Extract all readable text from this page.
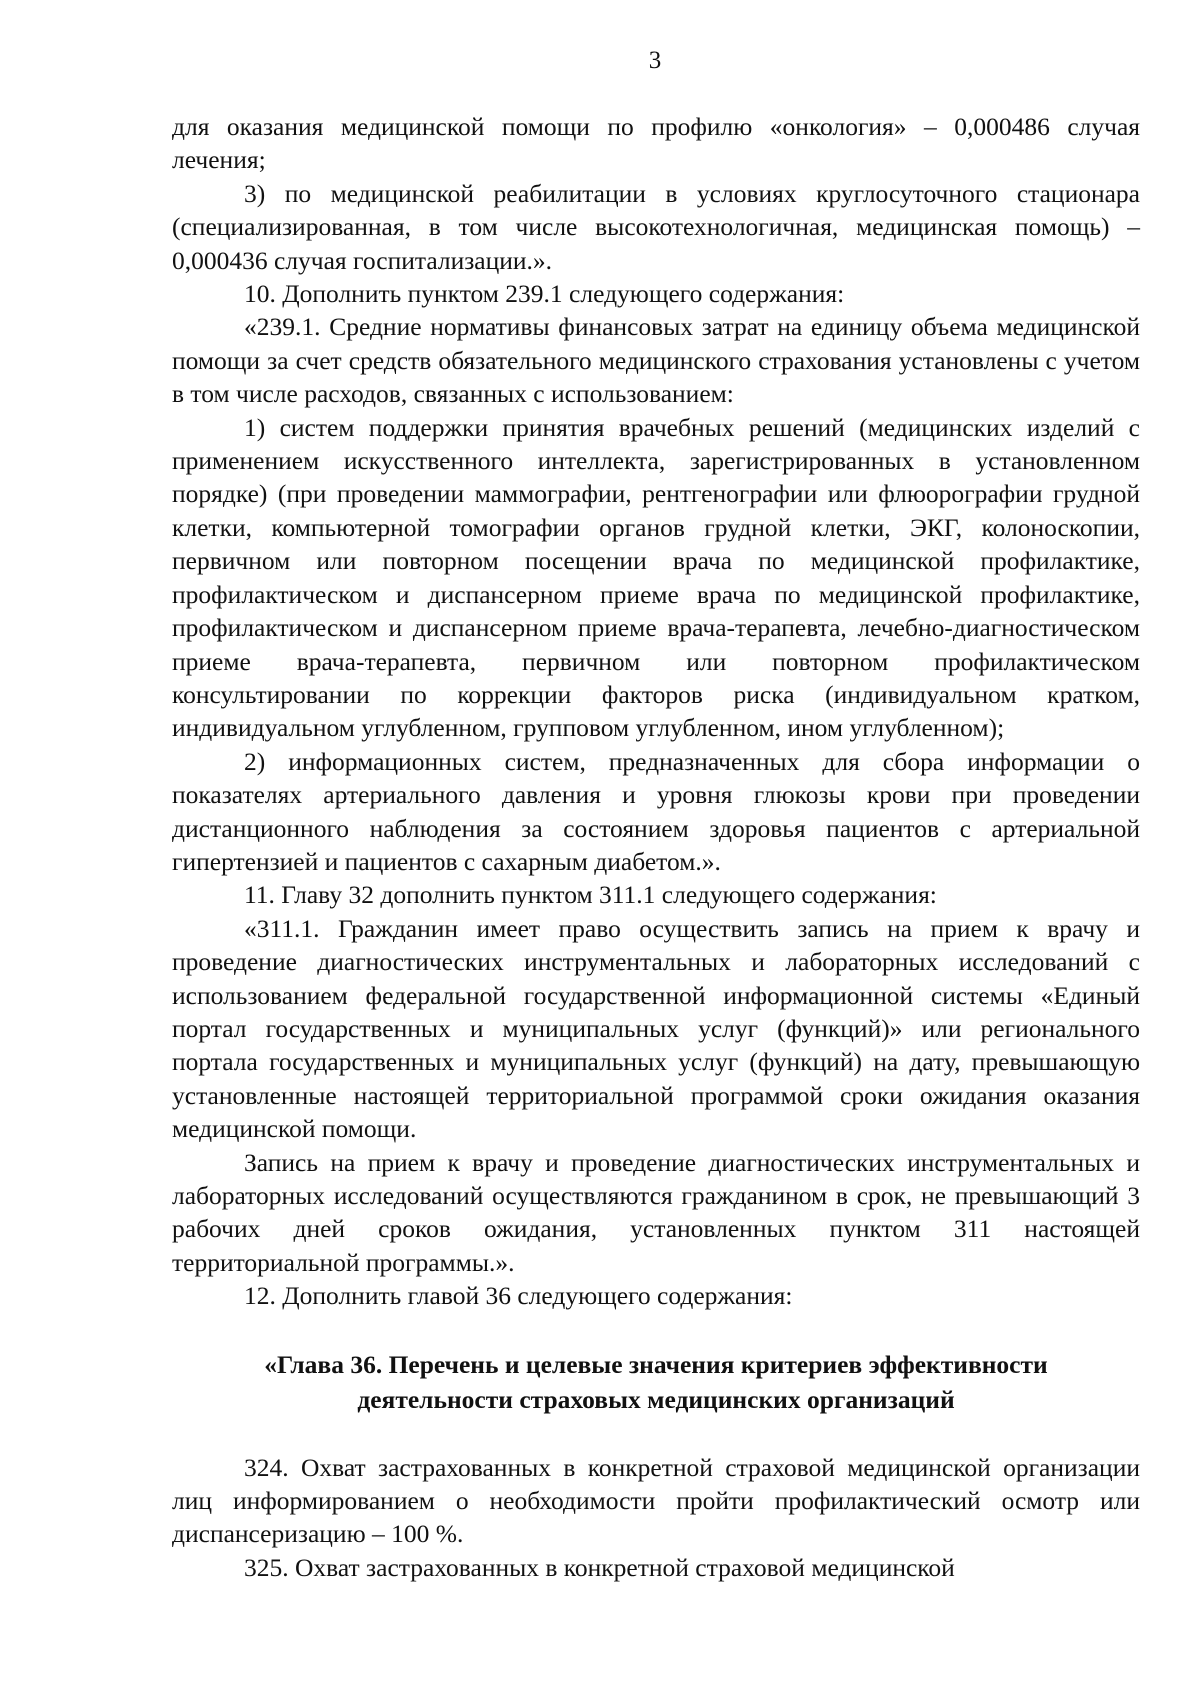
3

для оказания медицинской помощи по профилю «онкология» – 0,000486 случая лечения;

3) по медицинской реабилитации в условиях круглосуточного стационара (специализированная, в том числе высокотехнологичная, медицинская помощь) – 0,000436 случая госпитализации.».

10. Дополнить пунктом 239.1 следующего содержания:

«239.1. Средние нормативы финансовых затрат на единицу объема медицинской помощи за счет средств обязательного медицинского страхования установлены с учетом в том числе расходов, связанных с использованием:

1) систем поддержки принятия врачебных решений (медицинских изделий с применением искусственного интеллекта, зарегистрированных в установленном порядке) (при проведении маммографии, рентгенографии или флюорографии грудной клетки, компьютерной томографии органов грудной клетки, ЭКГ, колоноскопии, первичном или повторном посещении врача по медицинской профилактике, профилактическом и диспансерном приеме врача по медицинской профилактике, профилактическом и диспансерном приеме врача-терапевта, лечебно-диагностическом приеме врача-терапевта, первичном или повторном профилактическом консультировании по коррекции факторов риска (индивидуальном кратком, индивидуальном углубленном, групповом углубленном, ином углубленном);

2) информационных систем, предназначенных для сбора информации о показателях артериального давления и уровня глюкозы крови при проведении дистанционного наблюдения за состоянием здоровья пациентов с артериальной гипертензией и пациентов с сахарным диабетом.».

11. Главу 32 дополнить пунктом 311.1 следующего содержания:

«311.1. Гражданин имеет право осуществить запись на прием к врачу и проведение диагностических инструментальных и лабораторных исследований с использованием федеральной государственной информационной системы «Единый портал государственных и муниципальных услуг (функций)» или регионального портала государственных и муниципальных услуг (функций) на дату, превышающую установленные настоящей территориальной программой сроки ожидания оказания медицинской помощи.

Запись на прием к врачу и проведение диагностических инструментальных и лабораторных исследований осуществляются гражданином в срок, не превышающий 3 рабочих дней сроков ожидания, установленных пунктом 311 настоящей территориальной программы.».

12. Дополнить главой 36 следующего содержания:

«Глава 36. Перечень и целевые значения критериев эффективности
деятельности страховых медицинских организаций

324. Охват застрахованных в конкретной страховой медицинской организации лиц информированием о необходимости пройти профилактический осмотр или диспансеризацию – 100 %.

325. Охват застрахованных в конкретной страховой медицинской
